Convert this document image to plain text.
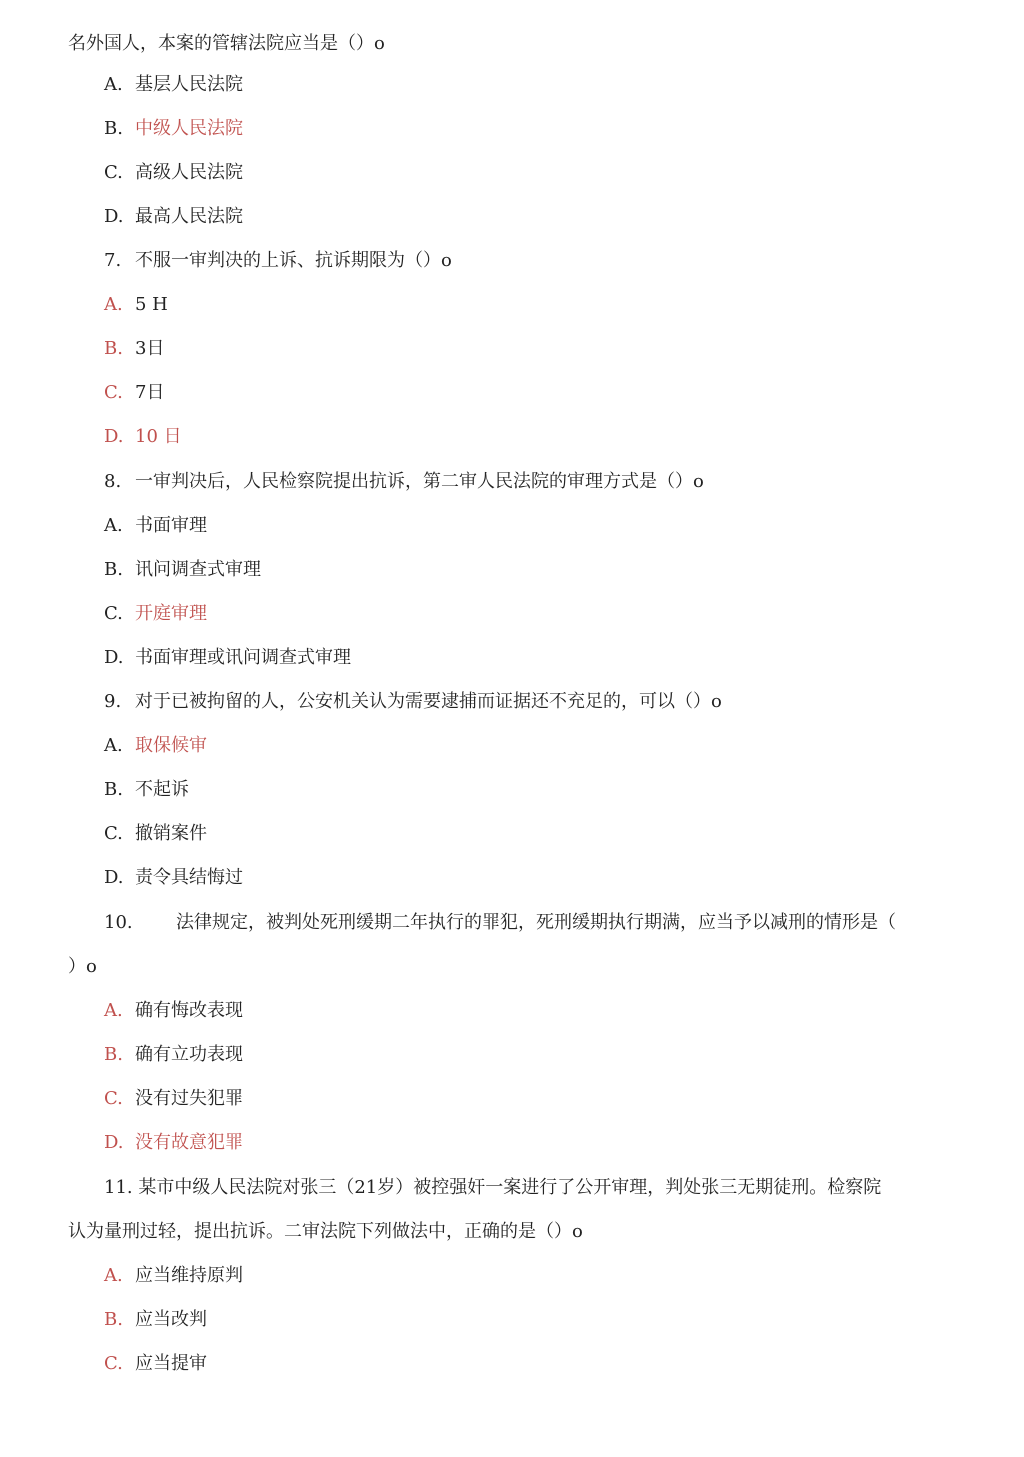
名外国人，本案的管辖法院应当是（）o
A. 基层人民法院
B. 中级人民法院
C. 高级人民法院
D. 最高人民法院
7. 不服一审判决的上诉、抗诉期限为（）o
A. 5 H
B. 3日
C. 7日
D. 10 日
8. 一审判决后，人民检察院提出抗诉，第二审人民法院的审理方式是（）o
A. 书面审理
B. 讯问调查式审理
C. 开庭审理
D. 书面审理或讯问调查式审理
9. 对于已被拘留的人，公安机关认为需要逮捕而证据还不充足的，可以（）o
A. 取保候审
B. 不起诉
C. 撤销案件
D. 责令具结悔过
10. 法律规定，被判处死刑缓期二年执行的罪犯，死刑缓期执行期满，应当予以减刑的情形是（
）o
A. 确有悔改表现
B. 确有立功表现
C. 没有过失犯罪
D. 没有故意犯罪
11. 某市中级人民法院对张三（21岁）被控强奸一案进行了公开审理，判处张三无期徒刑。检察院
认为量刑过轻，提出抗诉。二审法院下列做法中，正确的是（）o
A. 应当维持原判
B. 应当改判
C. 应当提审
